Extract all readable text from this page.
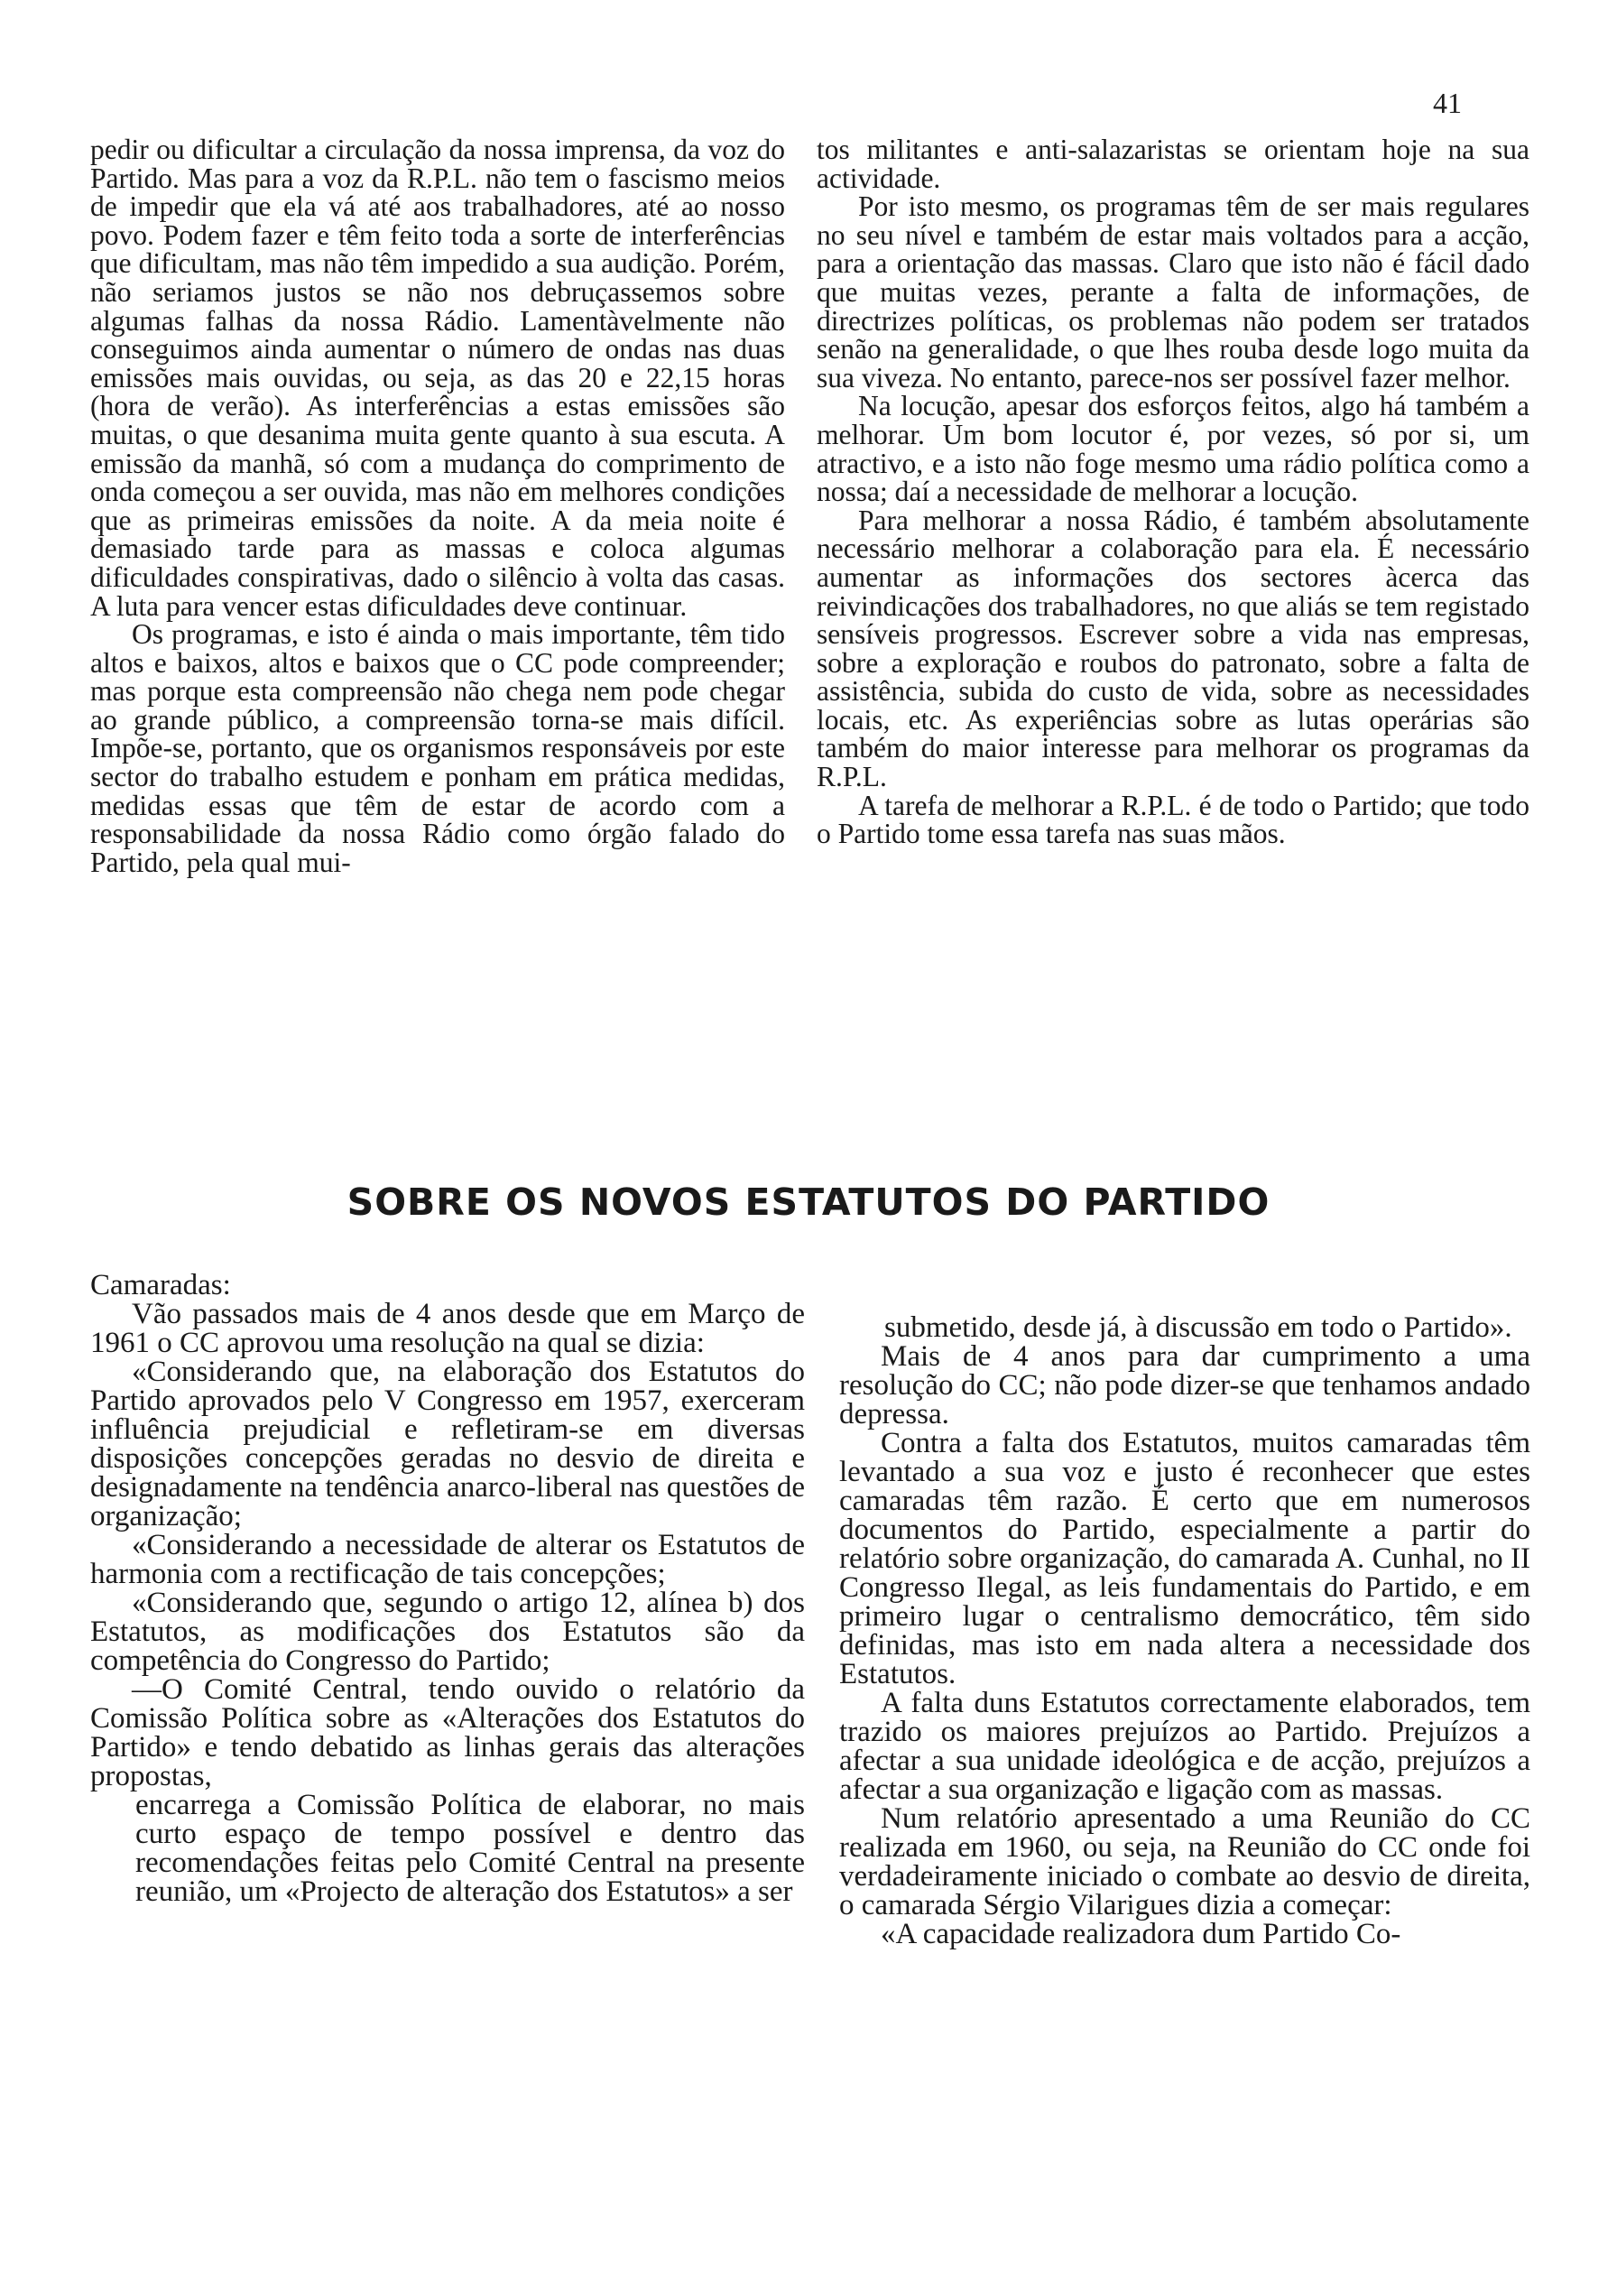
41

pedir ou dificultar a circulação da nossa imprensa, da voz do Partido. Mas para a voz da R.P.L. não tem o fascismo meios de impedir que ela vá até aos trabalhadores, até ao nosso povo. Podem fazer e têm feito toda a sorte de interferências que dificultam, mas não têm impedido a sua audição. Porém, não seriamos justos se não nos debruçassemos sobre algumas falhas da nossa Rádio. Lamentàvelmente não conseguimos ainda aumentar o número de ondas nas duas emissões mais ouvidas, ou seja, as das 20 e 22,15 horas (hora de verão). As interferências a estas emissões são muitas, o que desanima muita gente quanto à sua escuta. A emissão da manhã, só com a mudança do comprimento de onda começou a ser ouvida, mas não em melhores condições que as primeiras emissões da noite. A da meia noite é demasiado tarde para as massas e coloca algumas dificuldades conspirativas, dado o silêncio à volta das casas. A luta para vencer estas dificuldades deve continuar.

Os programas, e isto é ainda o mais importante, têm tido altos e baixos, altos e baixos que o CC pode compreender; mas porque esta compreensão não chega nem pode chegar ao grande público, a compreensão torna-se mais difícil. Impõe-se, portanto, que os organismos responsáveis por este sector do trabalho estudem e ponham em prática medidas, medidas essas que têm de estar de acordo com a responsabilidade da nossa Rádio como órgão falado do Partido, pela qual mui-

tos militantes e anti-salazaristas se orientam hoje na sua actividade.

Por isto mesmo, os programas têm de ser mais regulares no seu nível e também de estar mais voltados para a acção, para a orientação das massas. Claro que isto não é fácil dado que muitas vezes, perante a falta de informações, de directrizes políticas, os problemas não podem ser tratados senão na generalidade, o que lhes rouba desde logo muita da sua viveza. No entanto, parece-nos ser possível fazer melhor.

Na locução, apesar dos esforços feitos, algo há também a melhorar. Um bom locutor é, por vezes, só por si, um atractivo, e a isto não foge mesmo uma rádio política como a nossa; daí a necessidade de melhorar a locução.

Para melhorar a nossa Rádio, é também absolutamente necessário melhorar a colaboração para ela. É necessário aumentar as informações dos sectores àcerca das reivindicações dos trabalhadores, no que aliás se tem registado sensíveis progressos. Escrever sobre a vida nas empresas, sobre a exploração e roubos do patronato, sobre a falta de assistência, subida do custo de vida, sobre as necessidades locais, etc. As experiências sobre as lutas operárias são também do maior interesse para melhorar os programas da R.P.L.

A tarefa de melhorar a R.P.L. é de todo o Partido; que todo o Partido tome essa tarefa nas suas mãos.

SOBRE OS NOVOS ESTATUTOS DO PARTIDO

Camaradas:

Vão passados mais de 4 anos desde que em Março de 1961 o CC aprovou uma resolução na qual se dizia:

«Considerando que, na elaboração dos Estatutos do Partido aprovados pelo V Congresso em 1957, exerceram influência prejudicial e refletiram-se em diversas disposições concepções geradas no desvio de direita e designadamente na tendência anarco-liberal nas questões de organização;

«Considerando a necessidade de alterar os Estatutos de harmonia com a rectificação de tais concepções;

«Considerando que, segundo o artigo 12, alínea b) dos Estatutos, as modificações dos Estatutos são da competência do Congresso do Partido;

—O Comité Central, tendo ouvido o relatório da Comissão Política sobre as «Alterações dos Estatutos do Partido» e tendo debatido as linhas gerais das alterações propostas,

encarrega a Comissão Política de elaborar, no mais curto espaço de tempo possível e dentro das recomendações feitas pelo Comité Central na presente reunião, um «Projecto de alteração dos Estatutos» a ser

submetido, desde já, à discussão em todo o Partido».

Mais de 4 anos para dar cumprimento a uma resolução do CC; não pode dizer-se que tenhamos andado depressa.

Contra a falta dos Estatutos, muitos camaradas têm levantado a sua voz e justo é reconhecer que estes camaradas têm razão. É certo que em numerosos documentos do Partido, especialmente a partir do relatório sobre organização, do camarada A. Cunhal, no II Congresso Ilegal, as leis fundamentais do Partido, e em primeiro lugar o centralismo democrático, têm sido definidas, mas isto em nada altera a necessidade dos Estatutos.

A falta duns Estatutos correctamente elaborados, tem trazido os maiores prejuízos ao Partido. Prejuízos a afectar a sua unidade ideológica e de acção, prejuízos a afectar a sua organização e ligação com as massas.

Num relatório apresentado a uma Reunião do CC realizada em 1960, ou seja, na Reunião do CC onde foi verdadeiramente iniciado o combate ao desvio de direita, o camarada Sérgio Vilarigues dizia a começar:

«A capacidade realizadora dum Partido Co-
